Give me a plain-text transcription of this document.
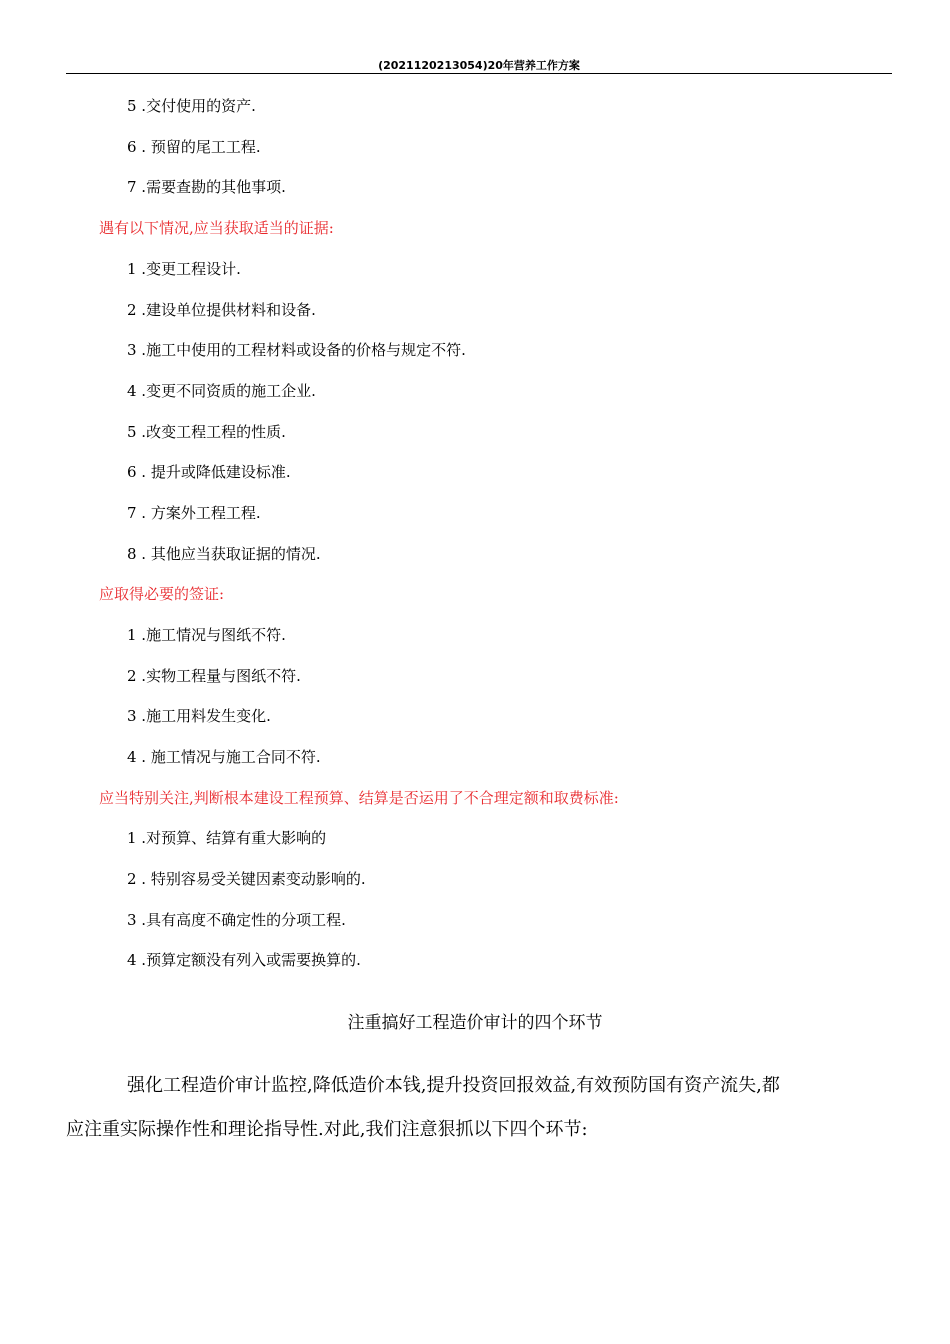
(2021120213054)20年营养工作方案
5 .交付使用的资产.
6 . 预留的尾工工程.
7 .需要查勘的其他事项.
遇有以下情况,应当获取适当的证据:
1 .变更工程设计.
2 .建设单位提供材料和设备.
3 .施工中使用的工程材料或设备的价格与规定不符.
4 .变更不同资质的施工企业.
5 .改变工程工程的性质.
6 . 提升或降低建设标准.
7 . 方案外工程工程.
8 . 其他应当获取证据的情况.
应取得必要的签证:
1 .施工情况与图纸不符.
2 .实物工程量与图纸不符.
3 .施工用料发生变化.
4 . 施工情况与施工合同不符.
应当特别关注,判断根本建设工程预算、结算是否运用了不合理定额和取费标准:
1 .对预算、结算有重大影响的
2 . 特别容易受关键因素变动影响的.
3 .具有高度不确定性的分项工程.
4 .预算定额没有列入或需要换算的.
注重搞好工程造价审计的四个环节
强化工程造价审计监控,降低造价本钱,提升投资回报效益,有效预防国有资产流失,都
应注重实际操作性和理论指导性.对此,我们注意狠抓以下四个环节:
